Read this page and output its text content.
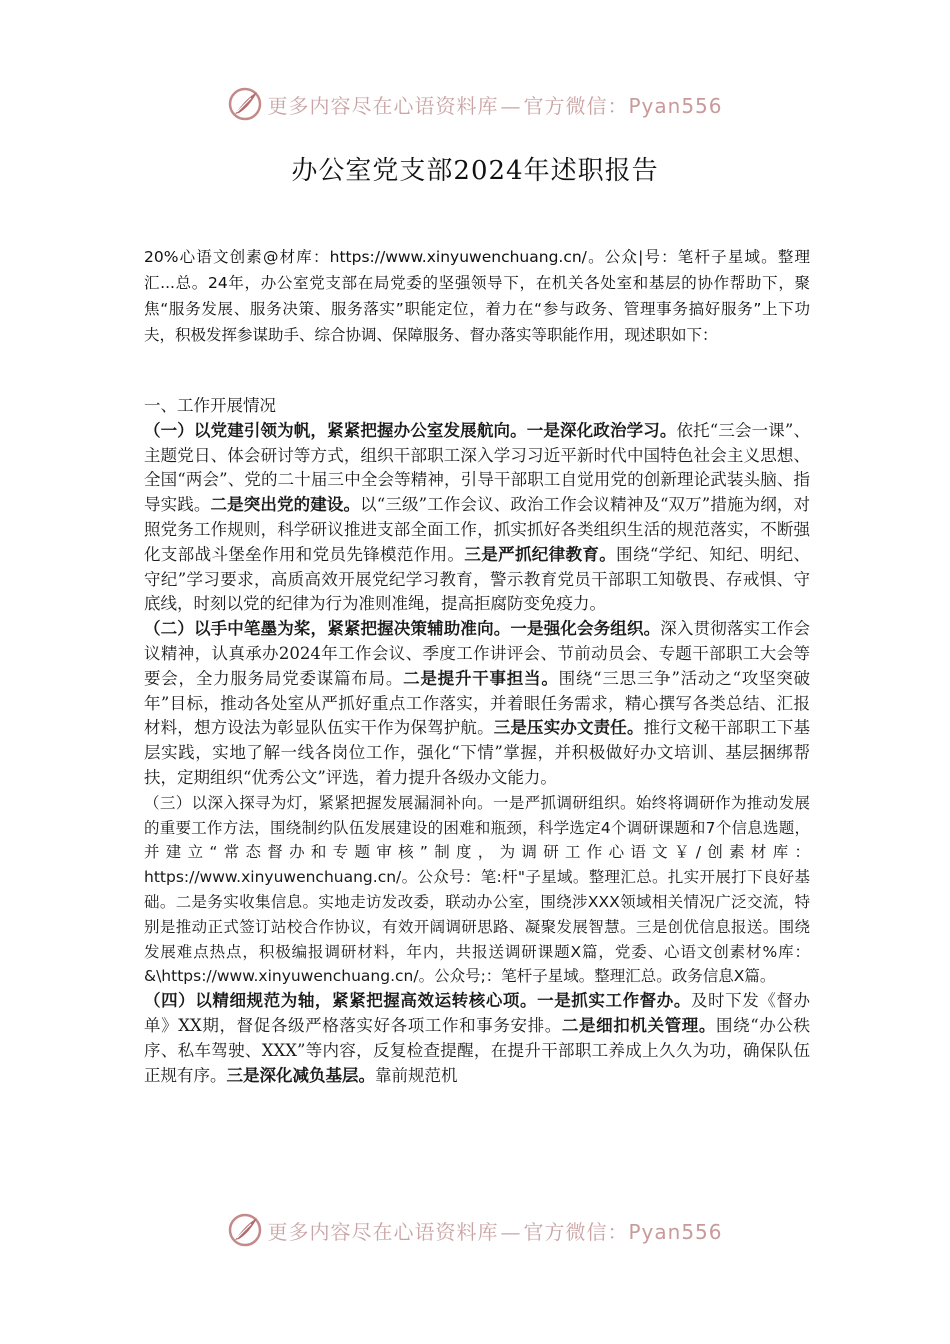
更多内容尽在心语资料库 — 官方微信：Pyan556
办公室党支部2024年述职报告

20%心语文创素@材库：https://www.xinyuwenchuang.cn/。公众|号：笔杆子星域。整理汇...总。24年，办公室党支部在局党委的坚强领导下，在机关各处室和基层的协作帮助下，聚焦“服务发展、服务决策、服务落实”职能定位，着力在“参与政务、管理事务搞好服务”上下功夫，积极发挥参谋助手、综合协调、保障服务、督办落实等职能作用，现述职如下：

一、工作开展情况

（一）以党建引领为帆，紧紧把握办公室发展航向。一是深化政治学习。依托“三会一课”、主题党日、体会研讨等方式，组织干部职工深入学习习近平新时代中国特色社会主义思想、全国“两会”、党的二十届三中全会等精神，引导干部职工自觉用党的创新理论武装头脑、指导实践。二是突出党的建设。以“三级”工作会议、政治工作会议精神及“双万”措施为纲，对照党务工作规则，科学研议推进支部全面工作，抓实抓好各类组织生活的规范落实，不断强化支部战斗堡垒作用和党员先锋模范作用。三是严抓纪律教育。围绕“学纪、知纪、明纪、守纪”学习要求，高质高效开展党纪学习教育，警示教育党员干部职工知敬畏、存戒惧、守底线，时刻以党的纪律为行为准则准绳，提高拒腐防变免疫力。

（二）以手中笔墨为桨，紧紧把握决策辅助准向。一是强化会务组织。深入贯彻落实工作会议精神，认真承办2024年工作会议、季度工作讲评会、节前动员会、专题干部职工大会等要会，全力服务局党委谋篇布局。二是提升干事担当。围绕“三思三争”活动之“攻坚突破年”目标，推动各处室从严抓好重点工作落实，并着眼任务需求，精心撰写各类总结、汇报材料，想方设法为彰显队伍实干作为保驾护航。三是压实办文责任。推行文秘干部职工下基层实践，实地了解一线各岗位工作，强化“下情”掌握，并积极做好办文培训、基层捆绑帮扶，定期组织“优秀公文”评选，着力提升各级办文能力。

（三）以深入探寻为灯，紧紧把握发展漏洞补向。一是严抓调研组织。始终将调研作为推动发展的重要工作方法，围绕制约队伍发展建设的困难和瓶颈，科学选定4个调研课题和7个信息选题，并建立“常态督办和专题审核”制度，为调研工作心语文￥/创素材库：https://www.xinyuwenchuang.cn/。公众号：笔:杆"子星域。整理汇总。扎实开展打下良好基础。二是务实收集信息。实地走访发改委，联动办公室，围绕涉XXX领域相关情况广泛交流，特别是推动正式签订站校合作协议，有效开阔调研思路、凝聚发展智慧。三是创优信息报送。围绕发展难点热点，积极编报调研材料，年内，共报送调研课题X篇，党委、心语文创素材%库：&\https://www.xinyuwenchuang.cn/。公众号;：笔杆子星域。整理汇总。政务信息X篇。

（四）以精细规范为轴，紧紧把握高效运转核心项。一是抓实工作督办。及时下发《督办单》XX期，督促各级严格落实好各项工作和事务安排。二是细扣机关管理。围绕“办公秩序、私车驾驶、XXX”等内容，反复检查提醒，在提升干部职工养成上久久为功，确保队伍正规有序。三是深化减负基层。靠前规范机

更多内容尽在心语资料库 — 官方微信：Pyan556
